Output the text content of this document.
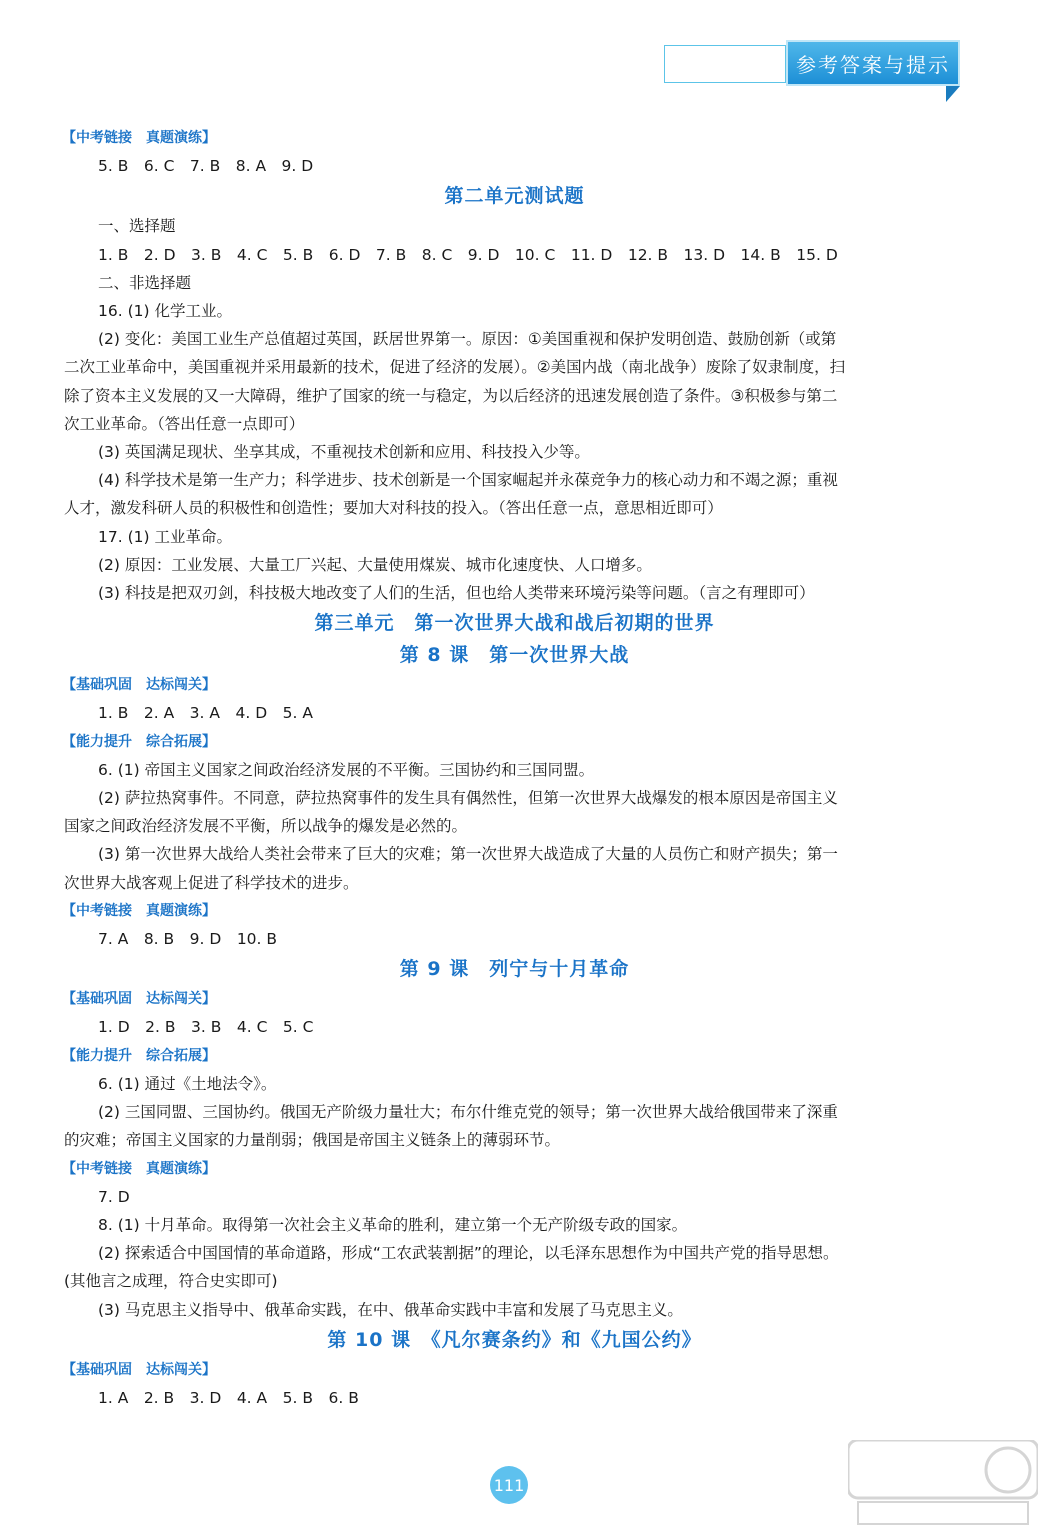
参考答案与提示
【中考链接　真题演练】
5. B　6. C　7. B　8. A　9. D
第二单元测试题
一、选择题
1. B　2. D　3. B　4. C　5. B　6. D　7. B　8. C　9. D　10. C　11. D　12. B　13. D　14. B　15. D
二、非选择题
16. (1) 化学工业。
(2) 变化：美国工业生产总值超过英国，跃居世界第一。原因：①美国重视和保护发明创造、鼓励创新（或第
二次工业革命中，美国重视并采用最新的技术，促进了经济的发展）。②美国内战（南北战争）废除了奴隶制度，扫
除了资本主义发展的又一大障碍，维护了国家的统一与稳定，为以后经济的迅速发展创造了条件。③积极参与第二
次工业革命。（答出任意一点即可）
(3) 英国满足现状、坐享其成，不重视技术创新和应用、科技投入少等。
(4) 科学技术是第一生产力；科学进步、技术创新是一个国家崛起并永葆竞争力的核心动力和不竭之源；重视
人才，激发科研人员的积极性和创造性；要加大对科技的投入。（答出任意一点，意思相近即可）
17. (1) 工业革命。
(2) 原因：工业发展、大量工厂兴起、大量使用煤炭、城市化速度快、人口增多。
(3) 科技是把双刃剑，科技极大地改变了人们的生活，但也给人类带来环境污染等问题。（言之有理即可）
第三单元　第一次世界大战和战后初期的世界
第 8 课　第一次世界大战
【基础巩固　达标闯关】
1. B　2. A　3. A　4. D　5. A
【能力提升　综合拓展】
6. (1) 帝国主义国家之间政治经济发展的不平衡。三国协约和三国同盟。
(2) 萨拉热窝事件。不同意，萨拉热窝事件的发生具有偶然性，但第一次世界大战爆发的根本原因是帝国主义
国家之间政治经济发展不平衡，所以战争的爆发是必然的。
(3) 第一次世界大战给人类社会带来了巨大的灾难；第一次世界大战造成了大量的人员伤亡和财产损失；第一
次世界大战客观上促进了科学技术的进步。
【中考链接　真题演练】
7. A　8. B　9. D　10. B
第 9 课　列宁与十月革命
【基础巩固　达标闯关】
1. D　2. B　3. B　4. C　5. C
【能力提升　综合拓展】
6. (1) 通过《土地法令》。
(2) 三国同盟、三国协约。俄国无产阶级力量壮大；布尔什维克党的领导；第一次世界大战给俄国带来了深重
的灾难；帝国主义国家的力量削弱；俄国是帝国主义链条上的薄弱环节。
【中考链接　真题演练】
7. D
8. (1) 十月革命。取得第一次社会主义革命的胜利，建立第一个无产阶级专政的国家。
(2) 探索适合中国国情的革命道路，形成“工农武装割据”的理论，以毛泽东思想作为中国共产党的指导思想。
(其他言之成理，符合史实即可)
(3) 马克思主义指导中、俄革命实践，在中、俄革命实践中丰富和发展了马克思主义。
第 10 课　《凡尔赛条约》和《九国公约》
【基础巩固　达标闯关】
1. A　2. B　3. D　4. A　5. B　6. B
111
